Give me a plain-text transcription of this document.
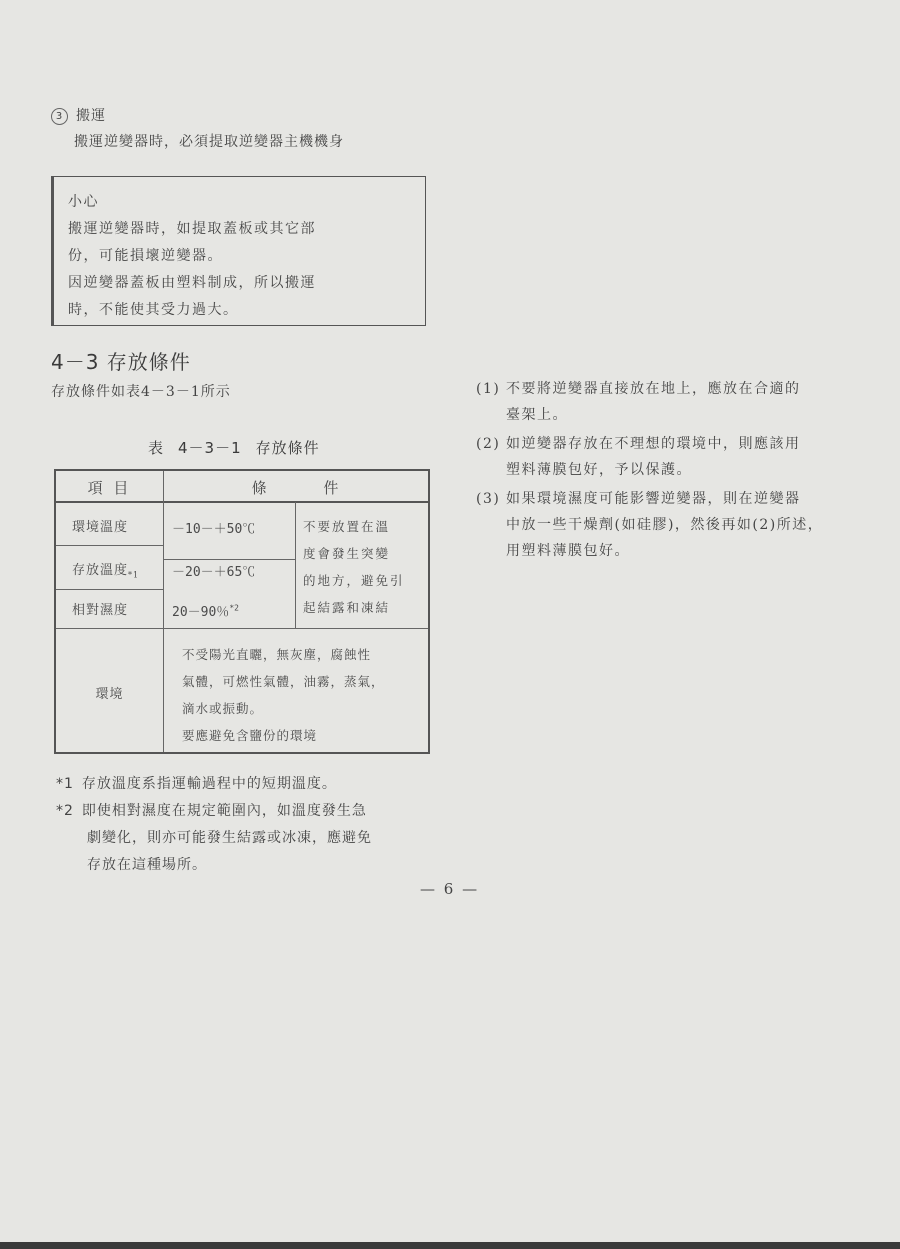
3 搬運
搬運逆變器時，必須提取逆變器主機機身
小心
搬運逆變器時，如提取蓋板或其它部
份，可能損壞逆變器。
因逆變器蓋板由塑料制成，所以搬運
時，不能使其受力過大。
4－3 存放條件
存放條件如表4－3－1所示
表 4－3－1 存放條件
項 目	條 件
環境溫度	－10－＋50℃
存放溫度$_{*1}$	－20－＋65℃
相對濕度	20－90％$^{*2}$
不要放置在溫
度會發生突變
的地方，避免引
起結露和凍結
環境
不受陽光直曬，無灰塵，腐蝕性
氣體，可燃性氣體，油霧，蒸氣，
滴水或振動。
要應避免含鹽份的環境
*1 存放溫度系指運輸過程中的短期溫度。
*2 即使相對濕度在規定範圍內，如溫度發生急
劇變化，則亦可能發生結露或冰凍，應避免
存放在這種場所。
(1) 不要將逆變器直接放在地上，應放在合適的
臺架上。
(2) 如逆變器存放在不理想的環境中，則應該用
塑料薄膜包好，予以保護。
(3) 如果環境濕度可能影響逆變器，則在逆變器
中放一些干燥劑(如硅膠)，然後再如(2)所述，
用塑料薄膜包好。
— 6 —
